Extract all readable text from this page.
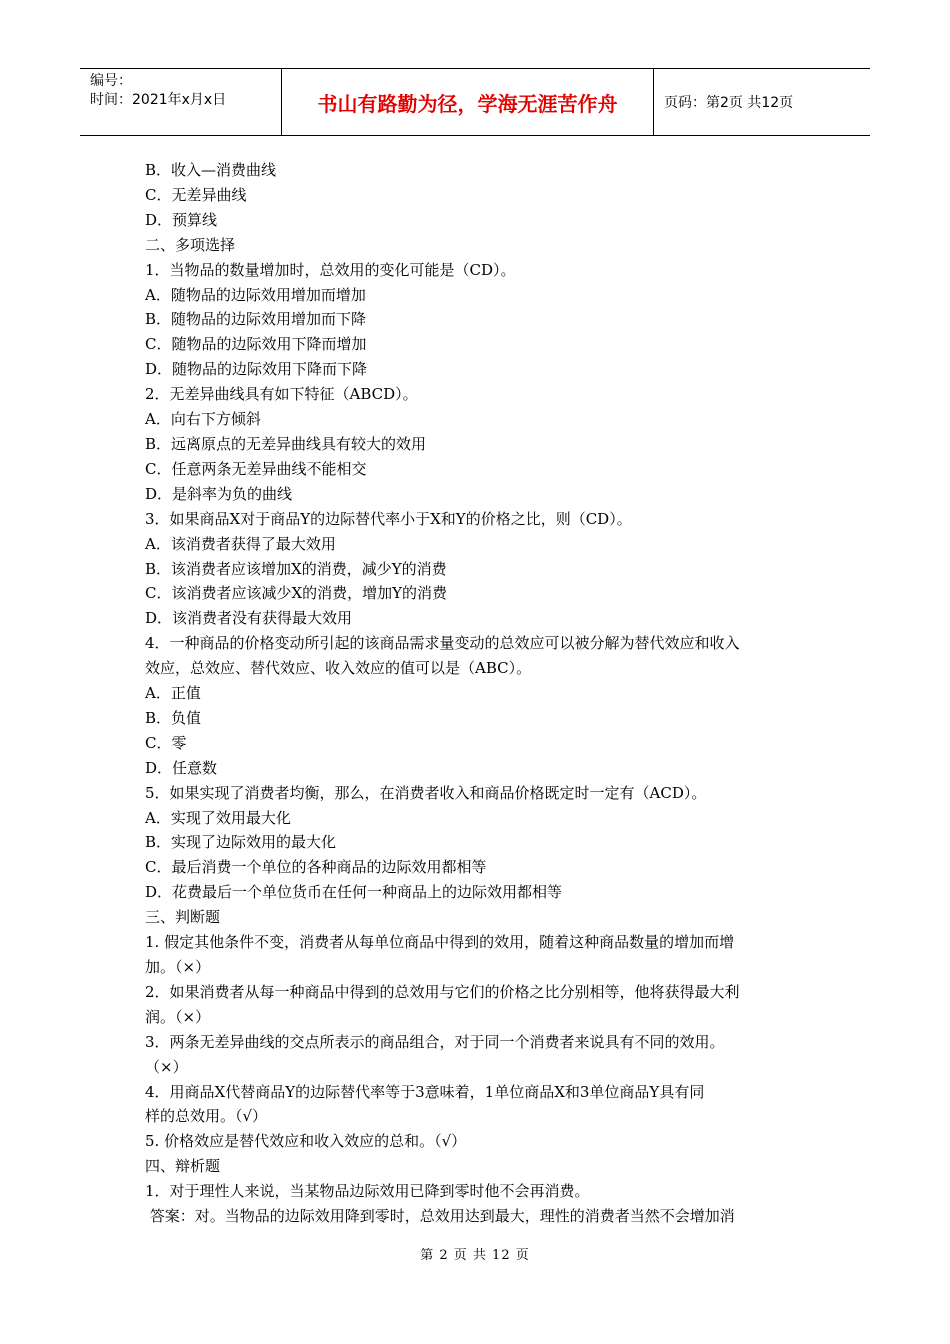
编号：
时间：2021年x月x日	书山有路勤为径，学海无涯苦作舟	页码：第2页 共12页

B．收入—消费曲线

C．无差异曲线

D．预算线

二、多项选择

1．当物品的数量增加时，总效用的变化可能是（CD）。

A．随物品的边际效用增加而增加

B．随物品的边际效用增加而下降

C．随物品的边际效用下降而增加

D．随物品的边际效用下降而下降

2．无差异曲线具有如下特征（ABCD）。

A．向右下方倾斜

B．远离原点的无差异曲线具有较大的效用

C．任意两条无差异曲线不能相交

D．是斜率为负的曲线

3．如果商品X对于商品Y的边际替代率小于X和Y的价格之比，则（CD）。

A．该消费者获得了最大效用

B．该消费者应该增加X的消费，减少Y的消费

C．该消费者应该减少X的消费，增加Y的消费

D．该消费者没有获得最大效用

4．一种商品的价格变动所引起的该商品需求量变动的总效应可以被分解为替代效应和收入

效应，总效应、替代效应、收入效应的值可以是（ABC）。

A．正值

B．负值

C．零

D．任意数

5．如果实现了消费者均衡，那么，在消费者收入和商品价格既定时一定有（ACD）。

A．实现了效用最大化

B．实现了边际效用的最大化

C．最后消费一个单位的各种商品的边际效用都相等

D．花费最后一个单位货币在任何一种商品上的边际效用都相等

三、判断题

1. 假定其他条件不变，消费者从每单位商品中得到的效用，随着这种商品数量的增加而增

加。（×）

2．如果消费者从每一种商品中得到的总效用与它们的价格之比分别相等，他将获得最大利

润。（×）

3．两条无差异曲线的交点所表示的商品组合，对于同一个消费者来说具有不同的效用。

（×）

4．用商品X代替商品Y的边际替代率等于3意味着，1单位商品X和3单位商品Y具有同

样的总效用。（√）

5. 价格效应是替代效应和收入效应的总和。（√）

四、辩析题

1．对于理性人来说，当某物品边际效用已降到零时他不会再消费。

答案：对。当物品的边际效用降到零时，总效用达到最大，理性的消费者当然不会增加消

第 2 页 共 12 页
